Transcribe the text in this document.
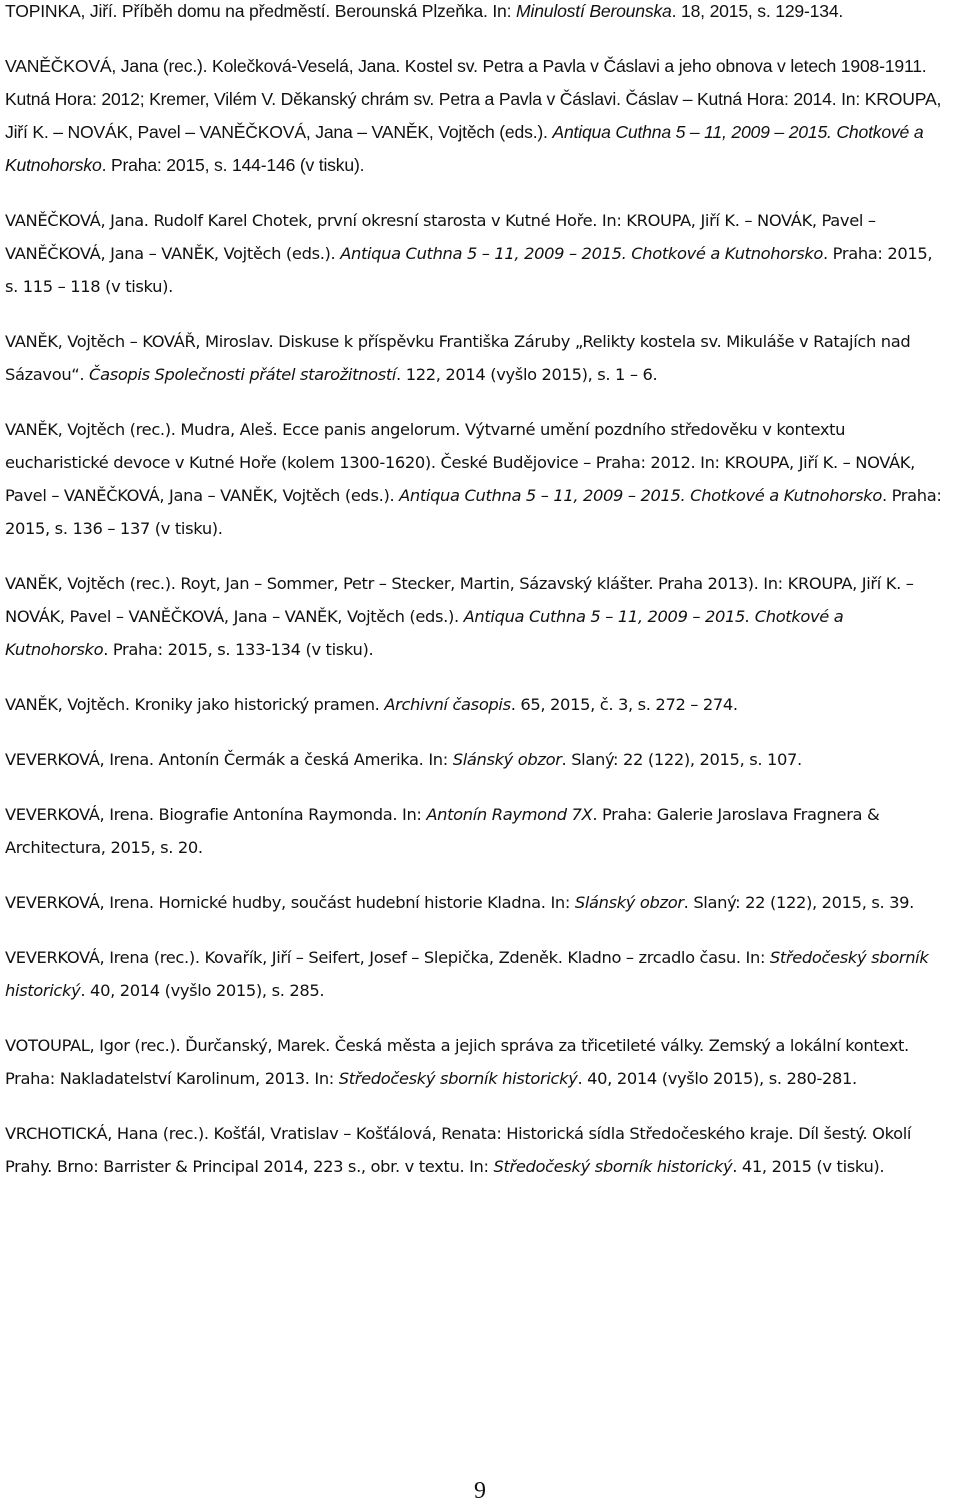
TOPINKA, Jiří. Příběh domu na předměstí. Berounská Plzeňka. In: Minulostí Berounska. 18, 2015, s. 129-134.

VANĚČKOVÁ, Jana (rec.). Kolečková-Veselá, Jana. Kostel sv. Petra a Pavla v Čáslavi a jeho obnova v letech 1908-1911. Kutná Hora: 2012; Kremer, Vilém V. Děkanský chrám sv. Petra a Pavla v Čáslavi. Čáslav – Kutná Hora: 2014. In: KROUPA, Jiří K. – NOVÁK, Pavel – VANĚČKOVÁ, Jana – VANĚK, Vojtěch (eds.). Antiqua Cuthna 5 – 11, 2009 – 2015. Chotkové a Kutnohorsko. Praha: 2015, s. 144-146 (v tisku).

VANĚČKOVÁ, Jana. Rudolf Karel Chotek, první okresní starosta v Kutné Hoře. In: KROUPA, Jiří K. – NOVÁK, Pavel – VANĚČKOVÁ, Jana – VANĚK, Vojtěch (eds.). Antiqua Cuthna 5 – 11, 2009 – 2015. Chotkové a Kutnohorsko. Praha: 2015, s. 115 – 118 (v tisku).

VANĚK, Vojtěch – KOVÁŘ, Miroslav. Diskuse k příspěvku Františka Záruby „Relikty kostela sv. Mikuláše v Ratajích nad Sázavou“. Časopis Společnosti přátel starožitností. 122, 2014 (vyšlo 2015), s. 1 – 6.

VANĚK, Vojtěch (rec.). Mudra, Aleš. Ecce panis angelorum. Výtvarné umění pozdního středověku v kontextu eucharistické devoce v Kutné Hoře (kolem 1300-1620). České Budějovice – Praha: 2012. In: KROUPA, Jiří K. – NOVÁK, Pavel – VANĚČKOVÁ, Jana – VANĚK, Vojtěch (eds.). Antiqua Cuthna 5 – 11, 2009 – 2015. Chotkové a Kutnohorsko. Praha: 2015, s. 136 – 137 (v tisku).

VANĚK, Vojtěch (rec.). Royt, Jan – Sommer, Petr – Stecker, Martin, Sázavský klášter. Praha 2013). In: KROUPA, Jiří K. – NOVÁK, Pavel – VANĚČKOVÁ, Jana – VANĚK, Vojtěch (eds.). Antiqua Cuthna 5 – 11, 2009 – 2015. Chotkové a Kutnohorsko. Praha: 2015, s. 133-134 (v tisku).

VANĚK, Vojtěch. Kroniky jako historický pramen. Archivní časopis. 65, 2015, č. 3, s. 272 – 274.

VEVERKOVÁ, Irena. Antonín Čermák a česká Amerika. In: Slánský obzor. Slaný: 22 (122), 2015, s. 107.

VEVERKOVÁ, Irena. Biografie Antonína Raymonda. In: Antonín Raymond 7X. Praha: Galerie Jaroslava Fragnera & Architectura, 2015, s. 20.

VEVERKOVÁ, Irena. Hornické hudby, součást hudební historie Kladna. In: Slánský obzor. Slaný: 22 (122), 2015, s. 39.

VEVERKOVÁ, Irena (rec.). Kovařík, Jiří – Seifert, Josef – Slepička, Zdeněk. Kladno – zrcadlo času. In: Středočeský sborník historický. 40, 2014 (vyšlo 2015), s. 285.

VOTOUPAL, Igor (rec.). Ďurčanský, Marek. Česká města a jejich správa za třicetileté války. Zemský a lokální kontext. Praha: Nakladatelství Karolinum, 2013. In: Středočeský sborník historický. 40, 2014 (vyšlo 2015), s. 280-281.

VRCHOTICKÁ, Hana (rec.). Košťál, Vratislav – Košťálová, Renata: Historická sídla Středočeského kraje. Díl šestý. Okolí Prahy. Brno: Barrister & Principal 2014, 223 s., obr. v textu. In: Středočeský sborník historický. 41, 2015 (v tisku).

9
